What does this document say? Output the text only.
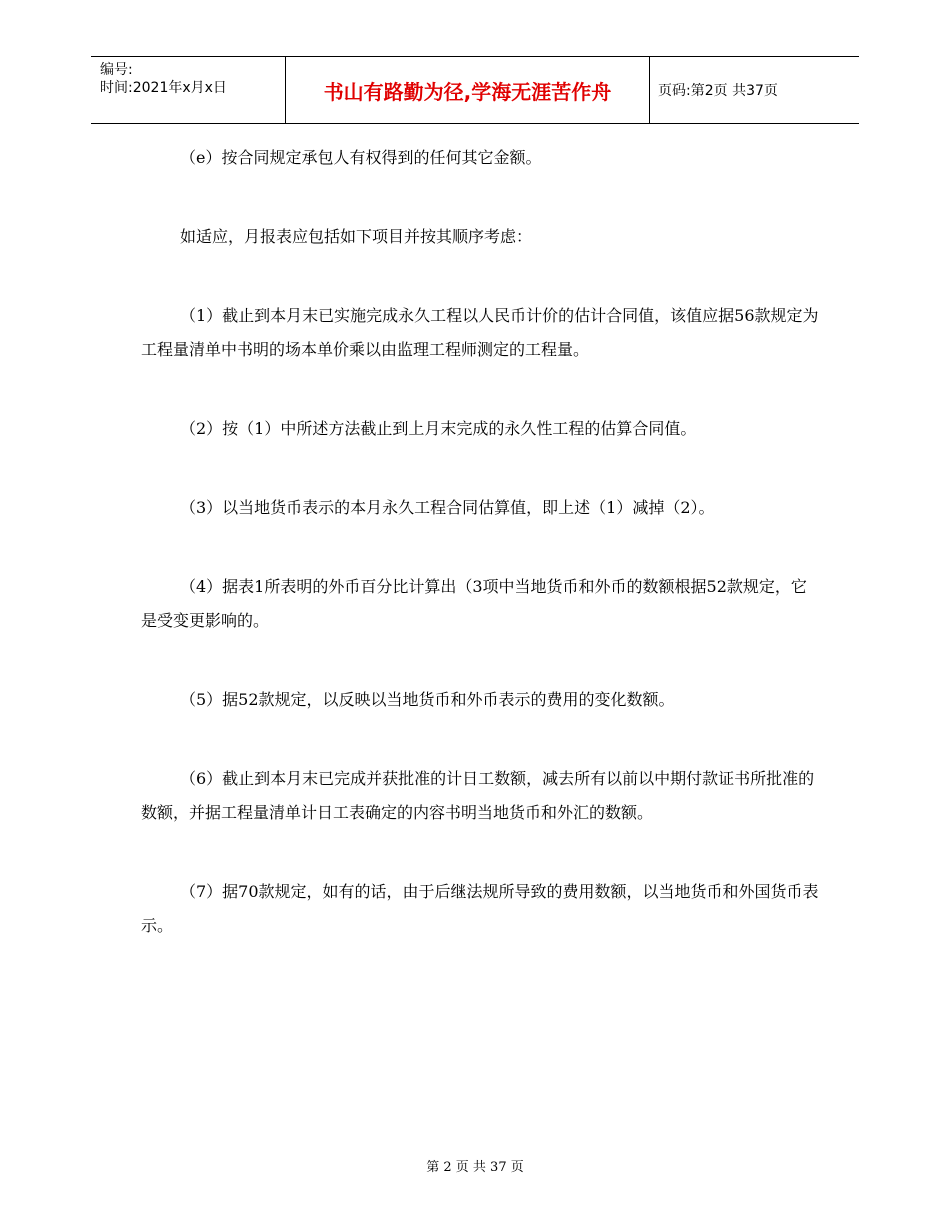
编号:
时间:2021年x月x日	书山有路勤为径,学海无涯苦作舟	页码:第2页 共37页

（e）按合同规定承包人有权得到的任何其它金额。

如适应，月报表应包括如下项目并按其顺序考虑：

（1）截止到本月末已实施完成永久工程以人民币计价的估计合同值，该值应据56款规定为工程量清单中书明的场本单价乘以由监理工程师测定的工程量。

（2）按（1）中所述方法截止到上月末完成的永久性工程的估算合同值。

（3）以当地货币表示的本月永久工程合同估算值，即上述（1）减掉（2）。

（4）据表1所表明的外币百分比计算出（3项中当地货币和外币的数额根据52款规定，它是受变更影响的。

（5）据52款规定，以反映以当地货币和外币表示的费用的变化数额。

（6）截止到本月末已完成并获批准的计日工数额，减去所有以前以中期付款证书所批准的数额，并据工程量清单计日工表确定的内容书明当地货币和外汇的数额。

（7）据70款规定，如有的话，由于后继法规所导致的费用数额，以当地货币和外国货币表示。

第 2 页 共 37 页
